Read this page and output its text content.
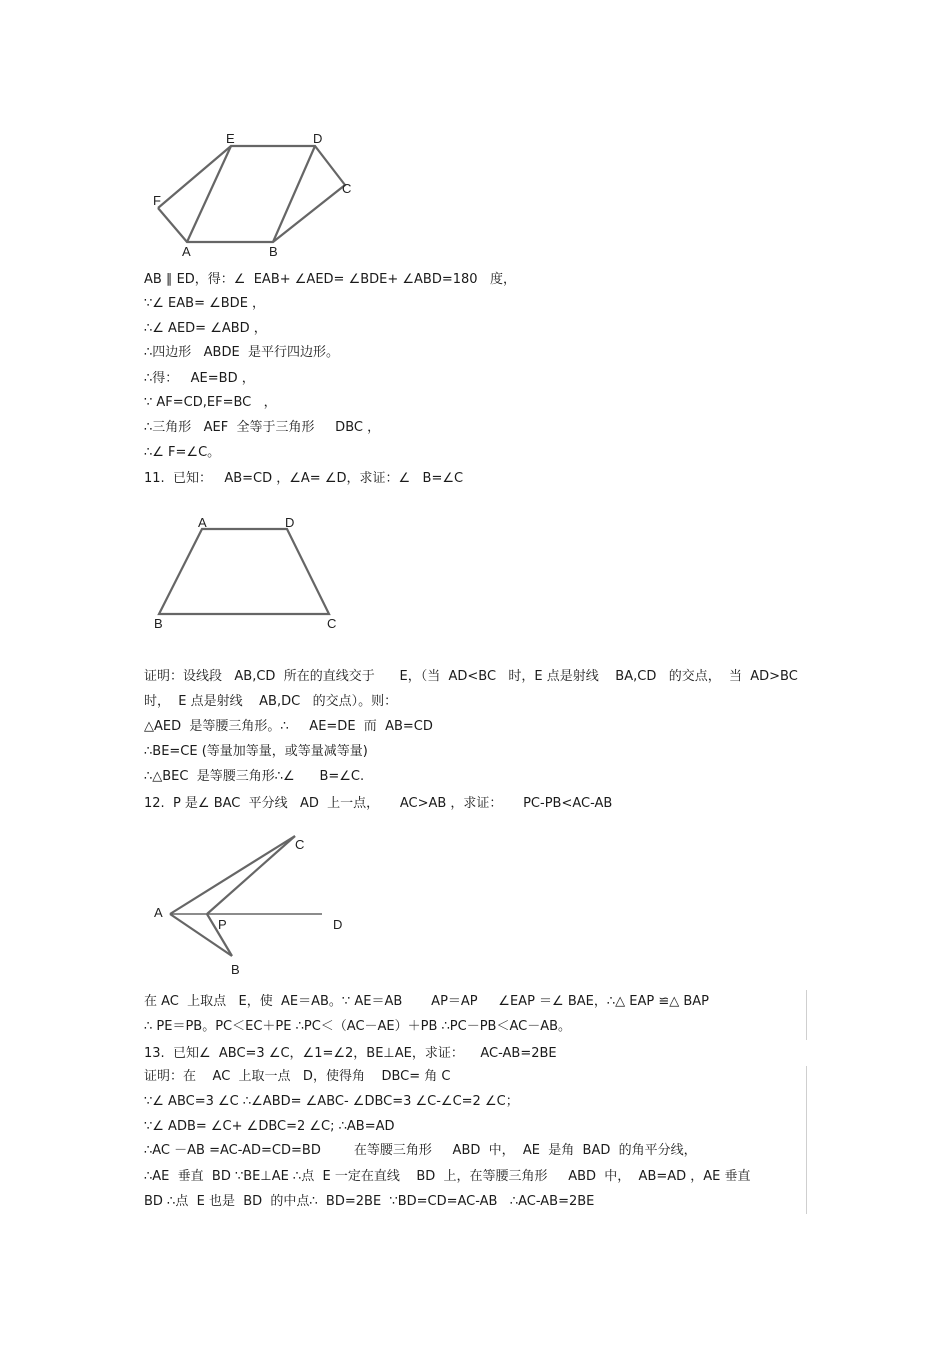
E	D
C
F
A	B
AB ∥ ED，得：∠  EAB+ ∠AED= ∠BDE+ ∠ABD=180   度，
∵∠ EAB= ∠BDE ，
∴∠ AED= ∠ABD ，
∴四边形   ABDE  是平行四边形。
∴得：   AE=BD ，
∵ AF=CD,EF=BC   ，
∴三角形   AEF  全等于三角形     DBC ，
∴∠ F=∠C。
11.  已知：   AB=CD ，∠A= ∠D，求证：∠   B=∠C
A	D
B	C
证明：设线段   AB,CD  所在的直线交于      E，（当  AD<BC   时，E 点是射线    BA,CD   的交点，  当  AD>BC
时，  E 点是射线    AB,DC   的交点）。则：
△AED  是等腰三角形。∴     AE=DE  而  AB=CD
∴BE=CE (等量加等量，或等量减等量)
∴△BEC  是等腰三角形∴∠      B=∠C.
12.  P 是∠ BAC  平分线   AD  上一点，     AC>AB ，求证：     PC-PB<AC-AB
C
A
P	D
B
在 AC  上取点   E，使  AE＝AB。∵ AE＝AB       AP＝AP     ∠EAP ＝∠ BAE，∴△ EAP ≌△ BAP
∴ PE＝PB。PC＜EC＋PE ∴PC＜（AC－AE）＋PB ∴PC－PB＜AC－AB。
13.  已知∠  ABC=3 ∠C，∠1=∠2，BE⊥AE，求证：    AC-AB=2BE
证明：在    AC  上取一点   D，使得角    DBC= 角 C
∵∠ ABC=3 ∠C ∴∠ABD= ∠ABC- ∠DBC=3 ∠C-∠C=2 ∠C；
∵∠ ADB= ∠C+ ∠DBC=2 ∠C; ∴AB=AD
∴AC －AB =AC-AD=CD=BD        在等腰三角形     ABD  中，  AE  是角  BAD  的角平分线，
∴AE  垂直  BD ∵BE⊥AE ∴点  E 一定在直线    BD  上，在等腰三角形     ABD  中，  AB=AD ，AE 垂直
BD ∴点  E 也是  BD  的中点∴  BD=2BE  ∵BD=CD=AC-AB   ∴AC-AB=2BE
